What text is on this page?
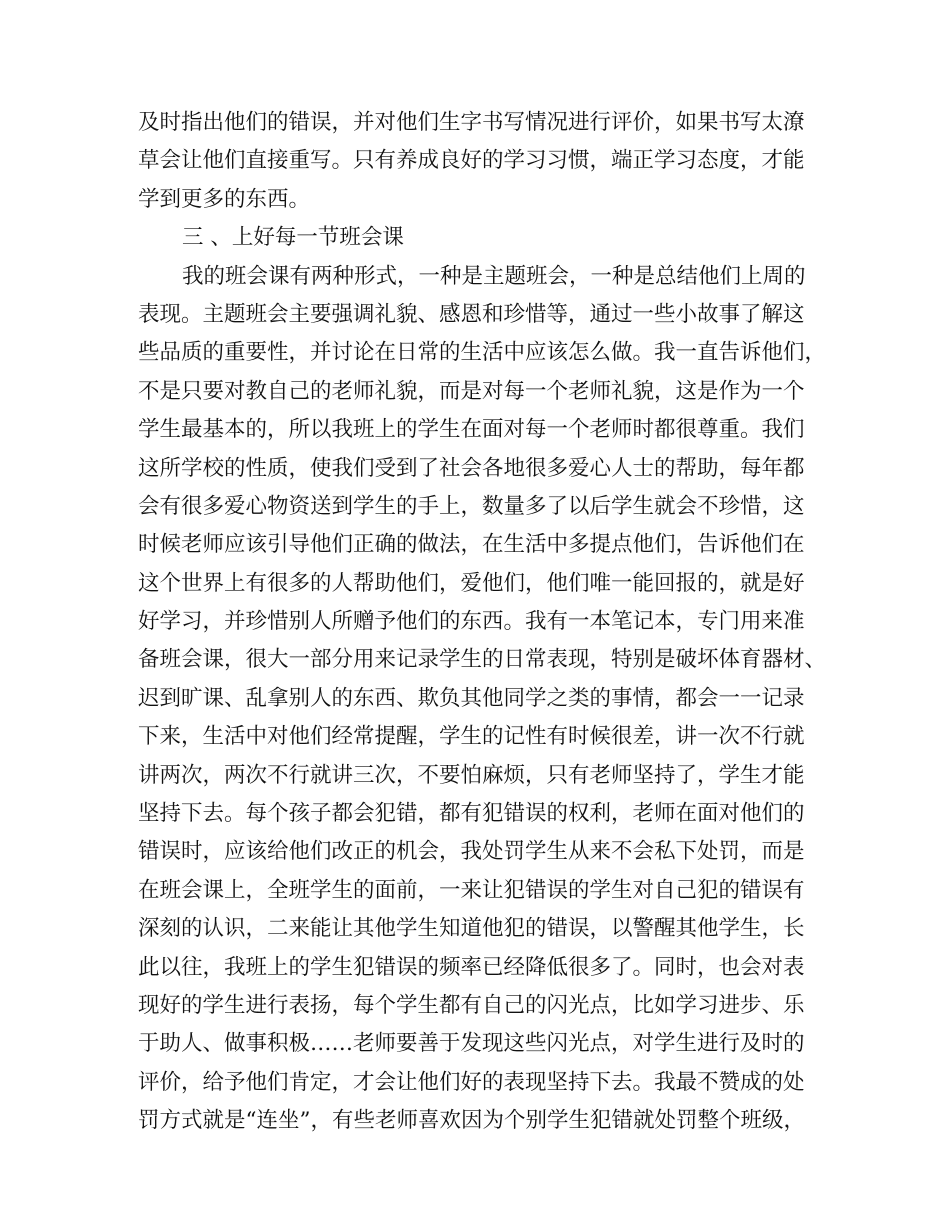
及时指出他们的错误，并对他们生字书写情况进行评价，如果书写太潦
草会让他们直接重写。只有养成良好的学习习惯，端正学习态度，才能
学到更多的东西。
三 、上好每一节班会课
我的班会课有两种形式，一种是主题班会，一种是总结他们上周的
表现。主题班会主要强调礼貌、感恩和珍惜等，通过一些小故事了解这
些品质的重要性，并讨论在日常的生活中应该怎么做。我一直告诉他们，
不是只要对教自己的老师礼貌，而是对每一个老师礼貌，这是作为一个
学生最基本的，所以我班上的学生在面对每一个老师时都很尊重。我们
这所学校的性质，使我们受到了社会各地很多爱心人士的帮助，每年都
会有很多爱心物资送到学生的手上，数量多了以后学生就会不珍惜，这
时候老师应该引导他们正确的做法，在生活中多提点他们，告诉他们在
这个世界上有很多的人帮助他们，爱他们，他们唯一能回报的，就是好
好学习，并珍惜别人所赠予他们的东西。我有一本笔记本，专门用来准
备班会课，很大一部分用来记录学生的日常表现，特别是破坏体育器材、
迟到旷课、乱拿别人的东西、欺负其他同学之类的事情，都会一一记录
下来，生活中对他们经常提醒，学生的记性有时候很差，讲一次不行就
讲两次，两次不行就讲三次，不要怕麻烦，只有老师坚持了，学生才能
坚持下去。每个孩子都会犯错，都有犯错误的权利，老师在面对他们的
错误时，应该给他们改正的机会，我处罚学生从来不会私下处罚，而是
在班会课上，全班学生的面前，一来让犯错误的学生对自己犯的错误有
深刻的认识，二来能让其他学生知道他犯的错误，以警醒其他学生，长
此以往，我班上的学生犯错误的频率已经降低很多了。同时，也会对表
现好的学生进行表扬，每个学生都有自己的闪光点，比如学习进步、乐
于助人、做事积极……老师要善于发现这些闪光点，对学生进行及时的
评价，给予他们肯定，才会让他们好的表现坚持下去。我最不赞成的处
罚方式就是“连坐”，有些老师喜欢因为个别学生犯错就处罚整个班级，
